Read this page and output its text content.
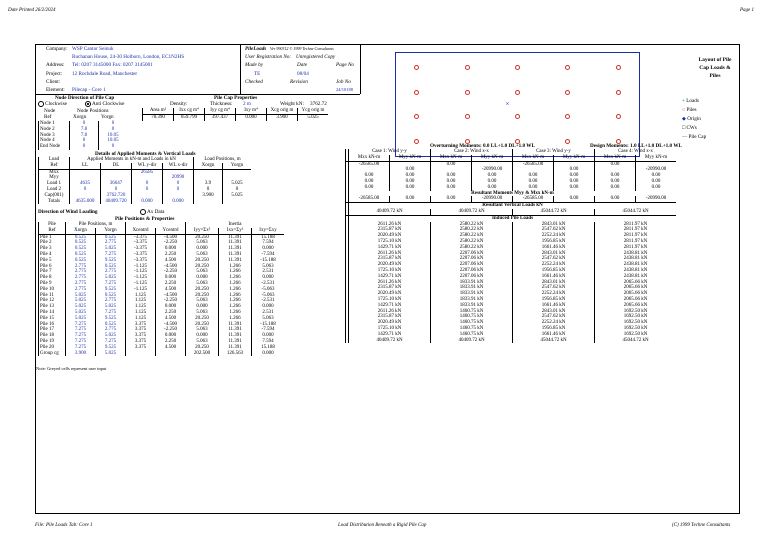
Date Printed 26/2/2024	Page 1
File: Pile Loads Tab: Core 1	Load Distribution Beneath a Rigid Pile Cap	(C) 1999 Techne Consultants
Company: WSP Cantor Seinuk
Buchanan House, 24-30 Holborn, London, EC1N2HS
Address: Tel: 0207 3145000 Fax: 0207 3145001
Project: 12 Rochdale Road, Manchester
Client:
Element: Pilecap - Core 1
PileLoads Ver 990312 © 1999 Techne Consultants
User Registration No: Unregistered Copy
Made by	Date	Page No
TE	08/04
Checked	Revision	Job No
24/10188
×
Layout of Pile Cap Loads & Piles
+ Loads
○ Piles
◆ Origin
□ CWs
— Pile Cap
Node Direction of Pile Cap
Clockwise	Anti Clockwise
Node	Node Positions
Ref	Xorgn	Yorgn
Node 1	0	0
Node 2	7.8	0
Node 3	7.8	10.05
Node 4	0	10.05
End Node	0	0
Pile Cap Properties
Thickness: 2 m	Weight kN: 3762.72
Density:
Area m²	Ixx cg m⁴	Iyy cg m⁴	Ixy m⁴	Xcg orig m	Ycg orig m
78.390	659.799	397.437	0.000	3.900	5.025
Details of Applied Moments & Vertical Loads
Load	Applied Moments in kN-m and Loads in kN				Load Positions, m	
Ref	LL	DL	WL y-dir	WL x-dir	Xorgn	Yorgn
Mxx			26585			
Myy				20990		
Load 1	4635	36647	0	0	3.9	5.025
Load 2	0	0	0	0	0	0
Cap(001)		3762.720			3.900	5.025
Totals	4635.000	40409.720	0.000	0.000		
Direction of Wind Loading	Ax Data
Pile Positions & Properties
Pile	Pile Positions, m				Inertia		
Ref	Xorgn	Yorgn	Xcentrd	Ycentrd	Iyy=Σx²	Ixx=Σy²	Ixy=Σxy
Pile 1	0.525	0.525	-3.375	-4.500	20.250	11.391	15.188
Pile 2	0.525	2.775	-3.375	-2.250	5.063	11.391	7.594
Pile 3	0.525	5.025	-3.375	0.000	0.000	11.391	0.000
Pile 4	0.525	7.275	-3.375	2.250	5.063	11.391	-7.594
Pile 5	0.525	9.525	-3.375	4.500	20.250	11.391	-15.188
Pile 6	2.775	0.525	-1.125	-4.500	20.250	1.266	5.063
Pile 7	2.775	2.775	-1.125	-2.250	5.063	1.266	2.531
Pile 8	2.775	5.025	-1.125	0.000	0.000	1.266	0.000
Pile 9	2.775	7.275	-1.125	2.250	5.063	1.266	-2.531
Pile 10	2.775	9.525	-1.125	4.500	20.250	1.266	-5.063
Pile 11	5.025	0.525	1.125	-4.500	20.250	1.266	-5.063
Pile 12	5.025	2.775	1.125	-2.250	5.063	1.266	-2.531
Pile 13	5.025	5.025	1.125	0.000	0.000	1.266	0.000
Pile 14	5.025	7.275	1.125	2.250	5.063	1.266	2.531
Pile 15	5.025	9.525	1.125	4.500	20.250	1.266	5.063
Pile 16	7.275	0.525	3.375	-4.500	20.250	11.391	-15.188
Pile 17	7.275	2.775	3.375	-2.250	5.063	11.391	-7.594
Pile 18	7.275	5.025	3.375	0.000	0.000	11.391	0.000
Pile 19	7.275	7.275	3.375	2.250	5.063	11.391	7.594
Pile 20	7.275	9.525	3.375	4.500	20.250	11.391	15.188
Group cg	3.900	5.025			202.500	126.563	0.000
Note: Greyed cells represent user input
Overturning Moments: 0.0 LL+1.0 DL+1.0 WL	Design Moments: 1.0 LL+1.0 DL+1.0 WL
	Case 1: Wind y-y		Case 2: Wind x-x		Case 3: Wind y-y		Case 4: Wind x-x	
	Mxx kN-m	Myy kN-m	Mxx kN-m	Myy kN-m	Mxx kN-m	Myy kN-m	Mxx kN-m	Myy kN-m
	-26585.00		0.00		-26585.00		0.00	
		0.00		-20990.00		0.00		-20990.00
	0.00	0.00	0.00	0.00	0.00	0.00	0.00	0.00
	0.00	0.00	0.00	0.00	0.00	0.00	0.00	0.00
	0.00	0.00	0.00	0.00	0.00	0.00	0.00	0.00
	Resultant Moments Myy & Mxx kN-m							
	-26585.00	0.00	0.00	-20990.00	-26585.00	0.00	0.00	-20990.00
	Resultant Vertical Loads kN							
	40409.72 kN		40409.72 kN		45044.72 kN		45044.72 kN	
	Induced Pile Loads							
	2611.26 kN		2580.22 kN		2843.01 kN		2811.97 kN	
	2315.87 kN		2580.22 kN		2547.62 kN		2811.97 kN	
	2020.49 kN		2580.22 kN		2252.24 kN		2811.97 kN	
	1725.10 kN		2580.22 kN		1956.85 kN		2811.97 kN	
	1429.71 kN		2580.22 kN		1661.46 kN		2811.97 kN	
	2611.26 kN		2207.06 kN		2843.01 kN		2438.81 kN	
	2315.87 kN		2207.06 kN		2547.62 kN		2438.81 kN	
	2020.49 kN		2207.06 kN		2252.24 kN		2438.81 kN	
	1725.10 kN		2207.06 kN		1956.85 kN		2438.81 kN	
	1429.71 kN		2207.06 kN		1661.46 kN		2438.81 kN	
	2611.26 kN		1833.91 kN		2843.01 kN		2065.66 kN	
	2315.87 kN		1833.91 kN		2547.62 kN		2065.66 kN	
	2020.49 kN		1833.91 kN		2252.24 kN		2065.66 kN	
	1725.10 kN		1833.91 kN		1956.85 kN		2065.66 kN	
	1429.71 kN		1833.91 kN		1661.46 kN		2065.66 kN	
	2611.26 kN		1460.75 kN		2843.01 kN		1692.50 kN	
	2315.87 kN		1460.75 kN		2547.62 kN		1692.50 kN	
	2020.49 kN		1460.75 kN		2252.24 kN		1692.50 kN	
	1725.10 kN		1460.75 kN		1956.85 kN		1692.50 kN	
	1429.71 kN		1460.75 kN		1661.46 kN		1692.50 kN	
	40409.72 kN		40409.72 kN		45044.72 kN		45044.72 kN	
